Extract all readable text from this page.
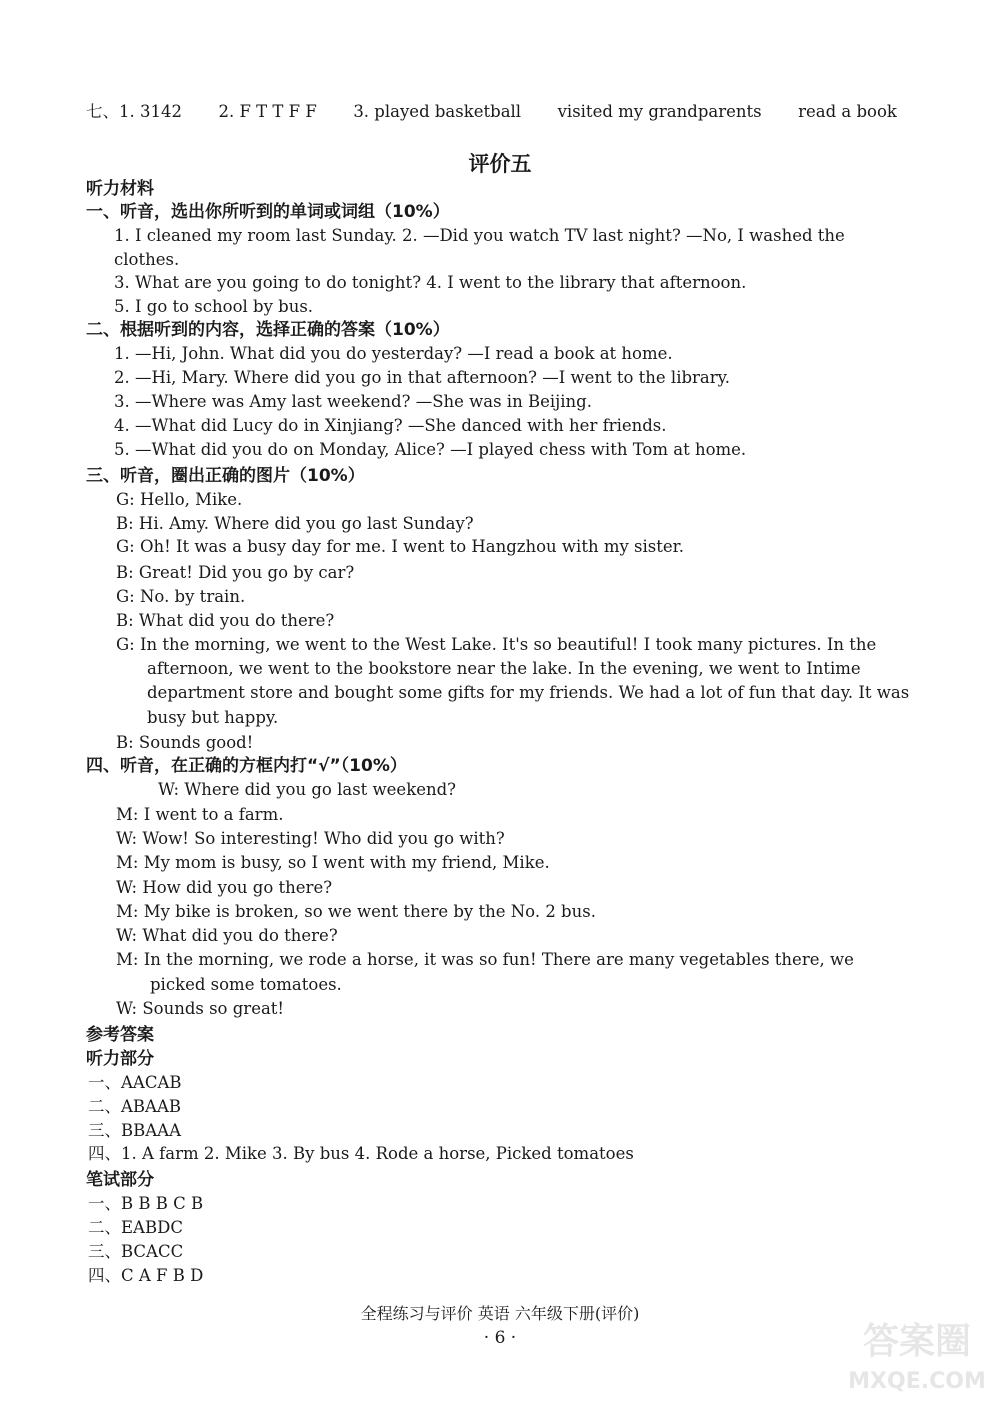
七、1. 3142 2. F T T F F 3. played basketball visited my grandparents read a book
评价五
听力材料
一、听音，选出你所听到的单词或词组（10%）
1. I cleaned my room last Sunday. 2. —Did you watch TV last night? —No, I washed the
clothes.
3. What are you going to do tonight? 4. I went to the library that afternoon.
5. I go to school by bus.
二、根据听到的内容，选择正确的答案（10%）
1. —Hi, John. What did you do yesterday? —I read a book at home.
2. —Hi, Mary. Where did you go in that afternoon? —I went to the library.
3. —Where was Amy last weekend? —She was in Beijing.
4. —What did Lucy do in Xinjiang? —She danced with her friends.
5. —What did you do on Monday, Alice? —I played chess with Tom at home.
三、听音，圈出正确的图片（10%）
G: Hello, Mike.
B: Hi. Amy. Where did you go last Sunday?
G: Oh! It was a busy day for me. I went to Hangzhou with my sister.
B: Great! Did you go by car?
G: No. by train.
B: What did you do there?
G: In the morning, we went to the West Lake. It's so beautiful! I took many pictures. In the
afternoon, we went to the bookstore near the lake. In the evening, we went to Intime
department store and bought some gifts for my friends. We had a lot of fun that day. It was
busy but happy.
B: Sounds good!
四、听音，在正确的方框内打“√”（10%）
W: Where did you go last weekend?
M: I went to a farm.
W: Wow! So interesting! Who did you go with?
M: My mom is busy, so I went with my friend, Mike.
W: How did you go there?
M: My bike is broken, so we went there by the No. 2 bus.
W: What did you do there?
M: In the morning, we rode a horse, it was so fun! There are many vegetables there, we
picked some tomatoes.
W: Sounds so great!
参考答案
听力部分
一、AACAB
二、ABAAB
三、BBAAA
四、1. A farm 2. Mike 3. By bus 4. Rode a horse, Picked tomatoes
笔试部分
一、B B B C B
二、EABDC
三、BCACC
四、C A F B D
全程练习与评价 英语 六年级下册(评价)
· 6 ·	答案圈
MXQE.COM
